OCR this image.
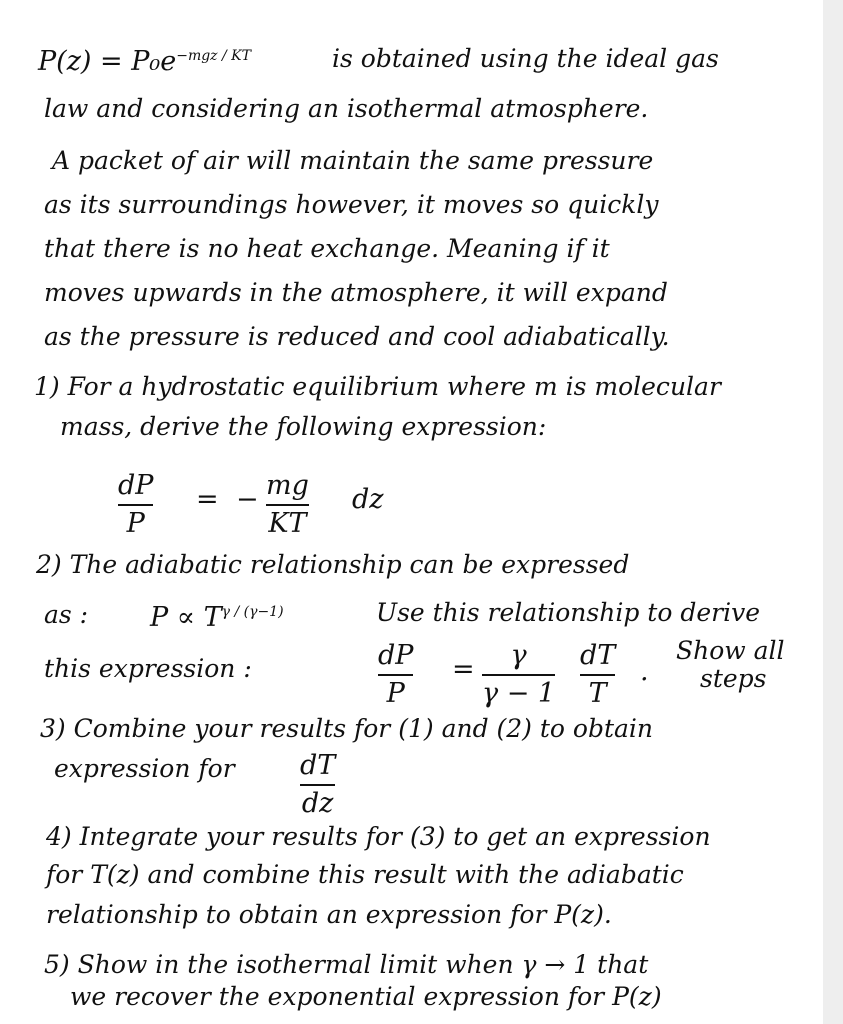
$P(z) = P_0e^{-mgz / KT}$	is obtained using the ideal gas
law and considering an isothermal atmosphere.
A packet of air will maintain the same pressure
as its surroundings however, it moves so quickly
that there is no heat exchange. Meaning if it
moves upwards in the atmosphere, it will expand
as the pressure is reduced and cool adiabatically.
1) For a hydrostatic equilibrium where m is molecular
mass, derive the following expression:
dP
P
= − mg
KT
dz
2) The adiabatic relationship can be expressed
as : $P \propto T^{\gamma / (\gamma-1)}$	Use this relationship to derive
this expression :	dP
P
= γ
γ − 1
dT
T
.
Show all
steps
3) Combine your results for (1) and (2) to obtain
expression for dT
dz
4) Integrate your results for (3) to get an expression
for T(z) and combine this result with the adiabatic
relationship to obtain an expression for P(z).
5) Show in the isothermal limit when γ → 1 that
we recover the exponential expression for P(z)
